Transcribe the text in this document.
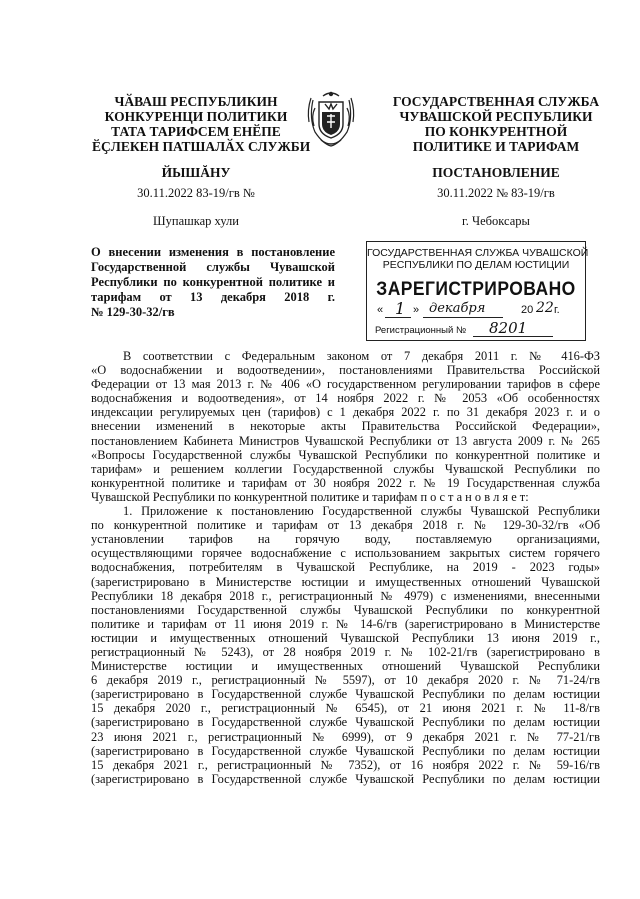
ЧӐВАШ РЕСПУБЛИКИН
КОНКУРЕНЦИ ПОЛИТИКИ
ТАТА ТАРИФСЕМ ЕНӖПЕ
ӖҪЛЕКЕН ПАТШАЛӐХ СЛУЖБИ
ЙЫШĂНУ
30.11.2022 83-19/гв №
Шупашкар хули
ГОСУДАРСТВЕННАЯ СЛУЖБА
ЧУВАШСКОЙ РЕСПУБЛИКИ
ПО КОНКУРЕНТНОЙ
ПОЛИТИКЕ И ТАРИФАМ
ПОСТАНОВЛЕНИЕ
30.11.2022 № 83-19/гв
г. Чебоксары
О внесении изменения в постановление
Государственной службы Чувашской
Республики по конкурентной политике и
тарифам от 13 декабря 2018 г.
№ 129-30-32/гв
ГОСУДАРСТВЕННАЯ СЛУЖБА ЧУВАШСКОЙ
РЕСПУБЛИКИ ПО ДЕЛАМ ЮСТИЦИИ
ЗАРЕГИСТРИРОВАНО
« 1 » декабря	20 22 г.
Регистрационный № 8201
В соответствии с Федеральным законом от 7 декабря 2011 г. № 416-ФЗ
«О водоснабжении и водоотведении», постановлениями Правительства Российской
Федерации от 13 мая 2013 г. № 406 «О государственном регулировании тарифов в сфере
водоснабжения и водоотведения», от 14 ноября 2022 г. № 2053 «Об особенностях
индексации регулируемых цен (тарифов) с 1 декабря 2022 г. по 31 декабря 2023 г. и о
внесении изменений в некоторые акты Правительства Российской Федерации»,
постановлением Кабинета Министров Чувашской Республики от 13 августа 2009 г. № 265
«Вопросы Государственной службы Чувашской Республики по конкурентной политике и
тарифам» и решением коллегии Государственной службы Чувашской Республики по
конкурентной политике и тарифам от 30 ноября 2022 г. № 19 Государственная служба
Чувашской Республики по конкурентной политике и тарифам п о с т а н о в л я е т:
1. Приложение к постановлению Государственной службы Чувашской Республики
по конкурентной политике и тарифам от 13 декабря 2018 г. № 129-30-32/гв «Об
установлении тарифов на горячую воду, поставляемую организациями,
осуществляющими горячее водоснабжение с использованием закрытых систем горячего
водоснабжения, потребителям в Чувашской Республике, на 2019 - 2023 годы»
(зарегистрировано в Министерстве юстиции и имущественных отношений Чувашской
Республики 18 декабря 2018 г., регистрационный № 4979) с изменениями, внесенными
постановлениями Государственной службы Чувашской Республики по конкурентной
политике и тарифам от 11 июня 2019 г. № 14-6/гв (зарегистрировано в Министерстве
юстиции и имущественных отношений Чувашской Республики 13 июня 2019 г.,
регистрационный № 5243), от 28 ноября 2019 г. № 102-21/гв (зарегистрировано в
Министерстве юстиции и имущественных отношений Чувашской Республики
6 декабря 2019 г., регистрационный № 5597), от 10 декабря 2020 г. № 71-24/гв
(зарегистрировано в Государственной службе Чувашской Республики по делам юстиции
15 декабря 2020 г., регистрационный № 6545), от 21 июня 2021 г. № 11-8/гв
(зарегистрировано в Государственной службе Чувашской Республики по делам юстиции
23 июня 2021 г., регистрационный № 6999), от 9 декабря 2021 г. № 77-21/гв
(зарегистрировано в Государственной службе Чувашской Республики по делам юстиции
15 декабря 2021 г., регистрационный № 7352), от 16 ноября 2022 г. № 59-16/гв
(зарегистрировано в Государственной службе Чувашской Республики по делам юстиции
